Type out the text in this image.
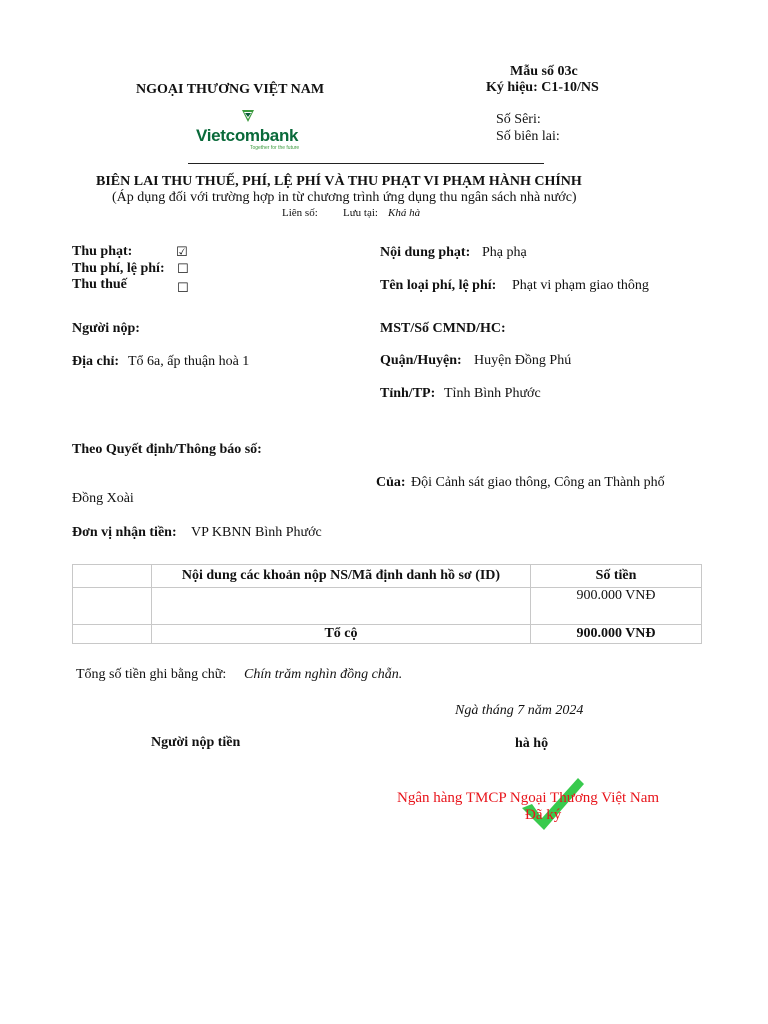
NGOẠI THƯƠNG VIỆT NAM
Mẫu số 03c
Ký hiệu: C1-10/NS
Số Sêri:
Số biên lai:
Vietcombank
Together for the future
BIÊN LAI THU THUẾ, PHÍ, LỆ PHÍ VÀ THU PHẠT VI PHẠM HÀNH CHÍNH
(Áp dụng đối với trường hợp in từ chương trình ứng dụng thu ngân sách nhà nước)
Liên số: Lưu tại: Khá hà
Thu phạt:	☑
Thu phí, lệ phí: ☐
Thu thuế	☐
Người nộp:
Địa chỉ: Tổ 6a, ấp thuận hoà 1
Nội dung phạt: Phạ phạ
Tên loại phí, lệ phí: Phạt vi phạm giao thông
MST/Số CMND/HC:
Quận/Huyện: Huyện Đồng Phú
Tỉnh/TP: Tỉnh Bình Phước
Theo Quyết định/Thông báo số:
Của: Đội Cảnh sát giao thông, Công an Thành phố
Đồng Xoài
Đơn vị nhận tiền: VP KBNN Bình Phước
	Nội dung các khoản nộp NS/Mã định danh hồ sơ (ID)	Số tiền
		900.000 VNĐ
	Tổ cộ	900.000 VNĐ
Tổng số tiền ghi bằng chữ: Chín trăm nghìn đồng chẵn.
Ngà tháng 7 năm 2024
Người nộp tiền	hà hộ
Ngân hàng TMCP Ngoại Thương Việt Nam
Đã ký
